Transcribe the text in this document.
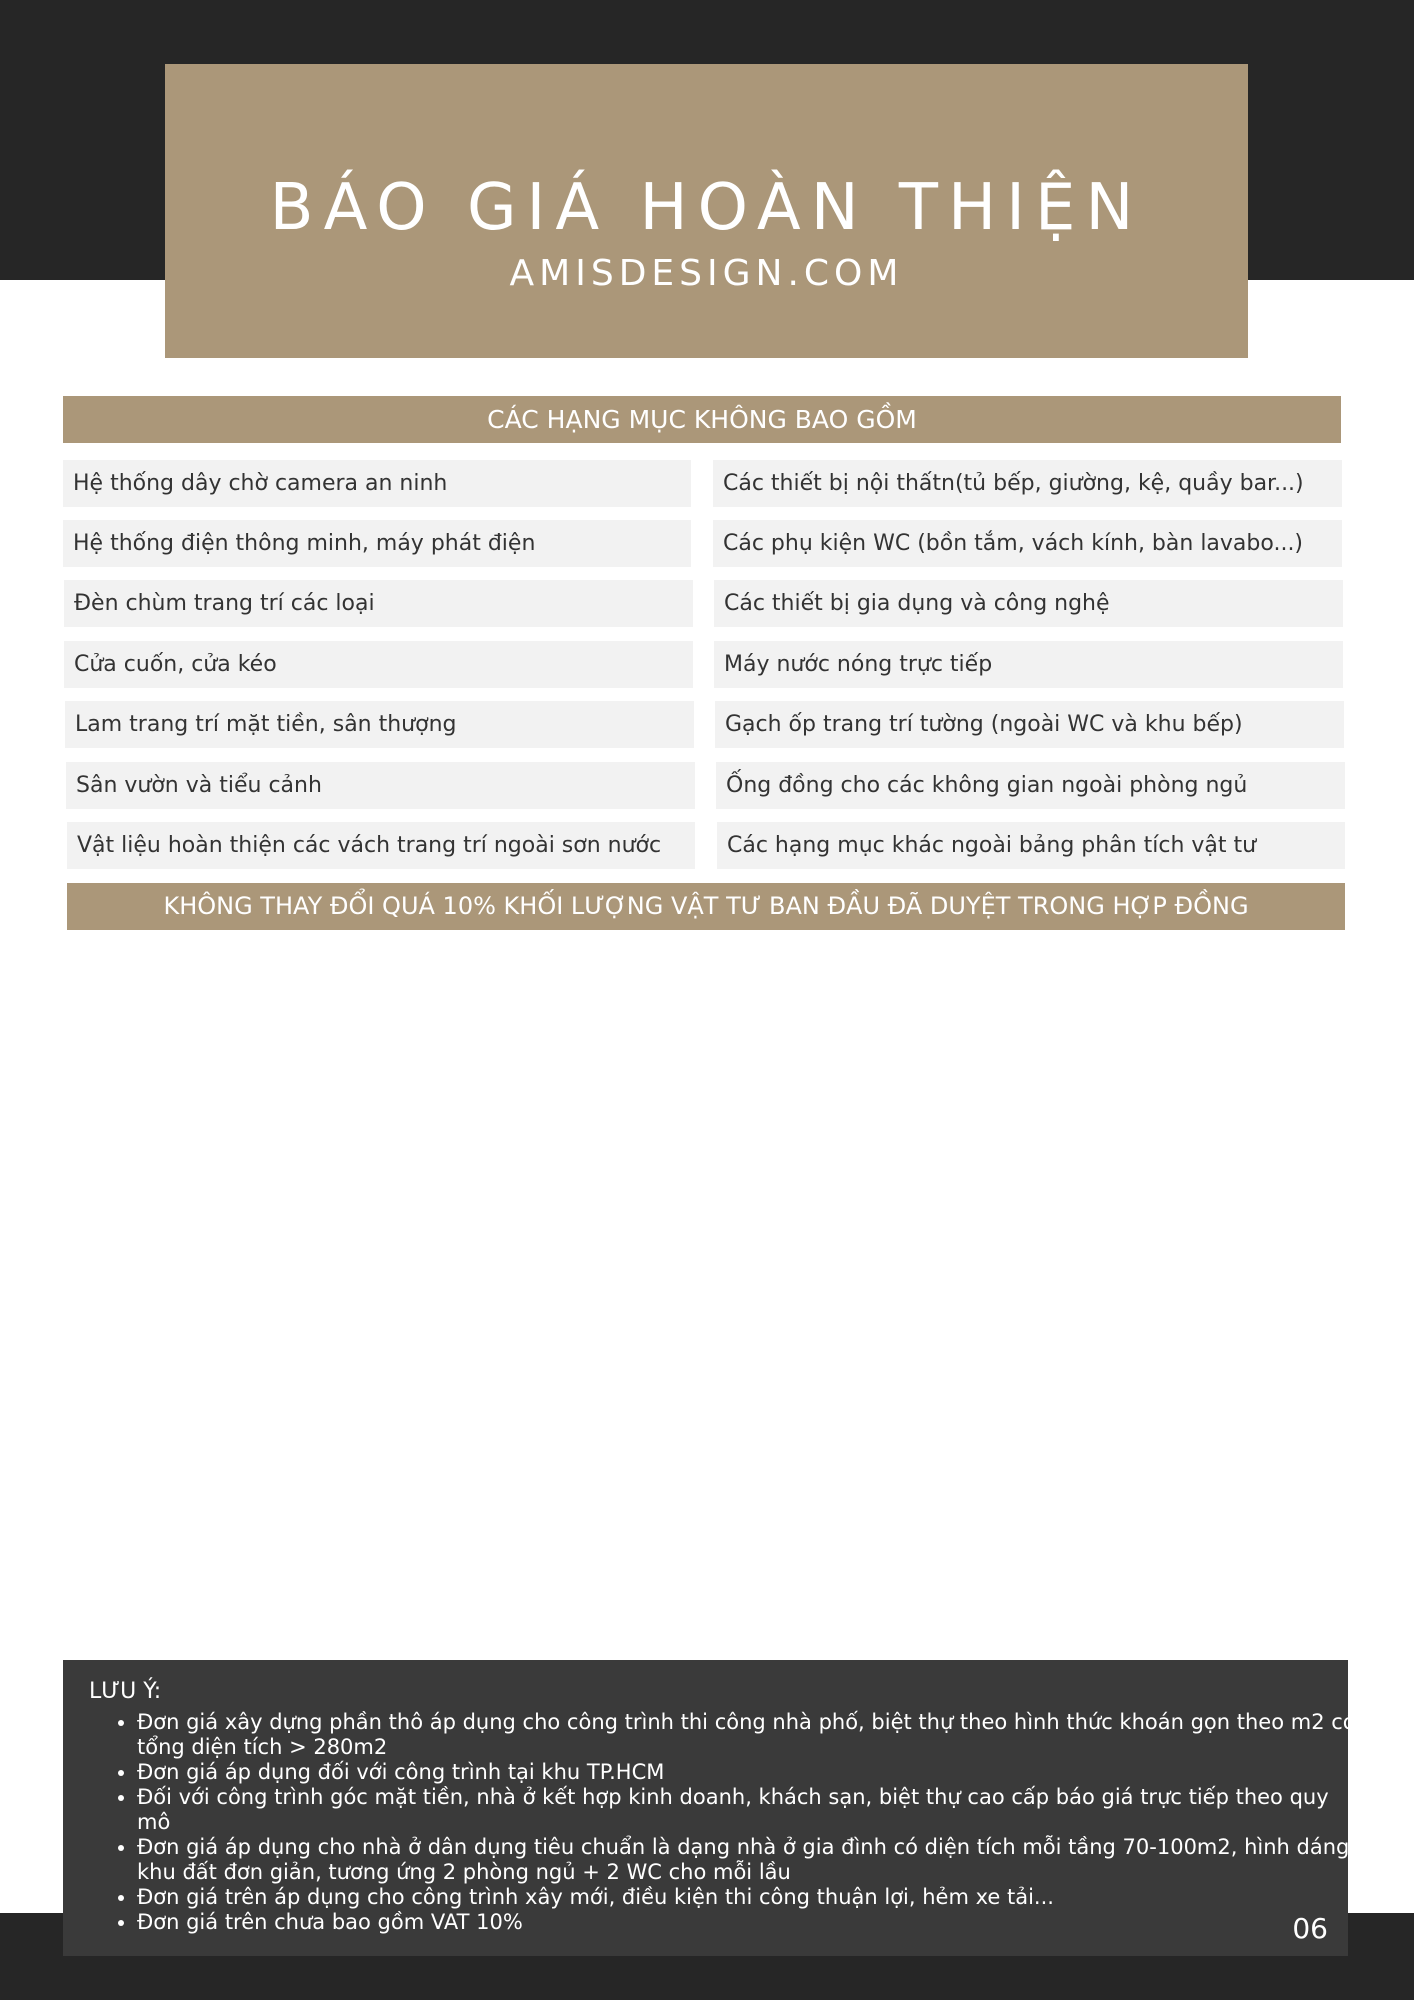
BÁO GIÁ HOÀN THIỆN
AMISDESIGN.COM
CÁC HẠNG MỤC KHÔNG BAO GỒM
Hệ thống dây chờ camera an ninh
Hệ thống điện thông minh, máy phát điện
Đèn chùm trang trí các loại
Cửa cuốn, cửa kéo
Lam trang trí mặt tiền, sân thượng
Sân vườn và tiểu cảnh
Vật liệu hoàn thiện các vách trang trí ngoài sơn nước
Các thiết bị nội thấtn(tủ bếp, giường, kệ, quầy bar...)
Các phụ kiện WC (bồn tắm, vách kính, bàn lavabo...)
Các thiết bị gia dụng và công nghệ
Máy nước nóng trực tiếp
Gạch ốp trang trí tường (ngoài WC và khu bếp)
Ống đồng cho các không gian ngoài phòng ngủ
Các hạng mục khác ngoài bảng phân tích vật tư
KHÔNG THAY ĐỔI QUÁ 10% KHỐI LƯỢNG VẬT TƯ BAN ĐẦU ĐÃ DUYỆT TRONG HỢP ĐỒNG
LƯU Ý:
• Đơn giá xây dựng phần thô áp dụng cho công trình thi công nhà phố, biệt thự theo hình thức khoán gọn theo m2 có tổng diện tích > 280m2
• Đơn giá áp dụng đối với công trình tại khu TP.HCM
• Đối với công trình góc mặt tiền, nhà ở kết hợp kinh doanh, khách sạn, biệt thự cao cấp báo giá trực tiếp theo quy mô
• Đơn giá áp dụng cho nhà ở dân dụng tiêu chuẩn là dạng nhà ở gia đình có diện tích mỗi tầng 70-100m2, hình dáng khu đất đơn giản, tương ứng 2 phòng ngủ + 2 WC cho mỗi lầu
• Đơn giá trên áp dụng cho công trình xây mới, điều kiện thi công thuận lợi, hẻm xe tải...
• Đơn giá trên chưa bao gồm VAT 10%	06
